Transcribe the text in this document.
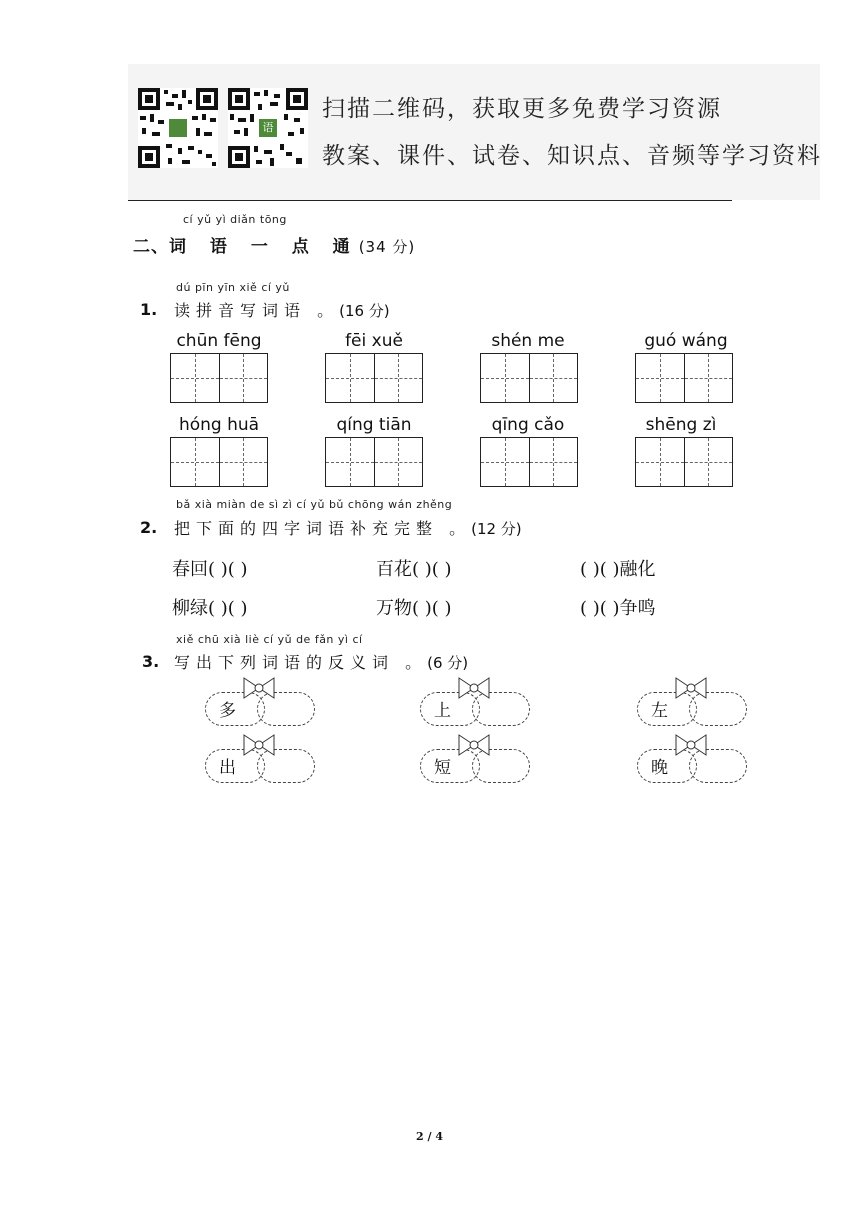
语
扫描二维码，获取更多免费学习资源
教案、课件、试卷、知识点、音频等学习资料
cí yǔ yì diǎn tōng
二、词 语 一 点 通(34 分)
dú pīn yīn xiě cí yǔ
1. 读拼音写词语 。(16 分)
chūn fēng	fēi xuě	shén me	guó wáng
hóng huā	qíng tiān	qīng cǎo	shēng zì
bǎ xià miàn de sì zì cí yǔ bǔ chōng wán zhěng
2. 把下面的四字词语补充完整 。(12 分)
春回( )( )	百花( )( )	( )( )融化
柳绿( )( )	万物( )( )	( )( )争鸣
xiě chū xià liè cí yǔ de fǎn yì cí
3. 写出下列词语的反义词 。(6 分)
多	上	左
出	短	晚
2 / 4
